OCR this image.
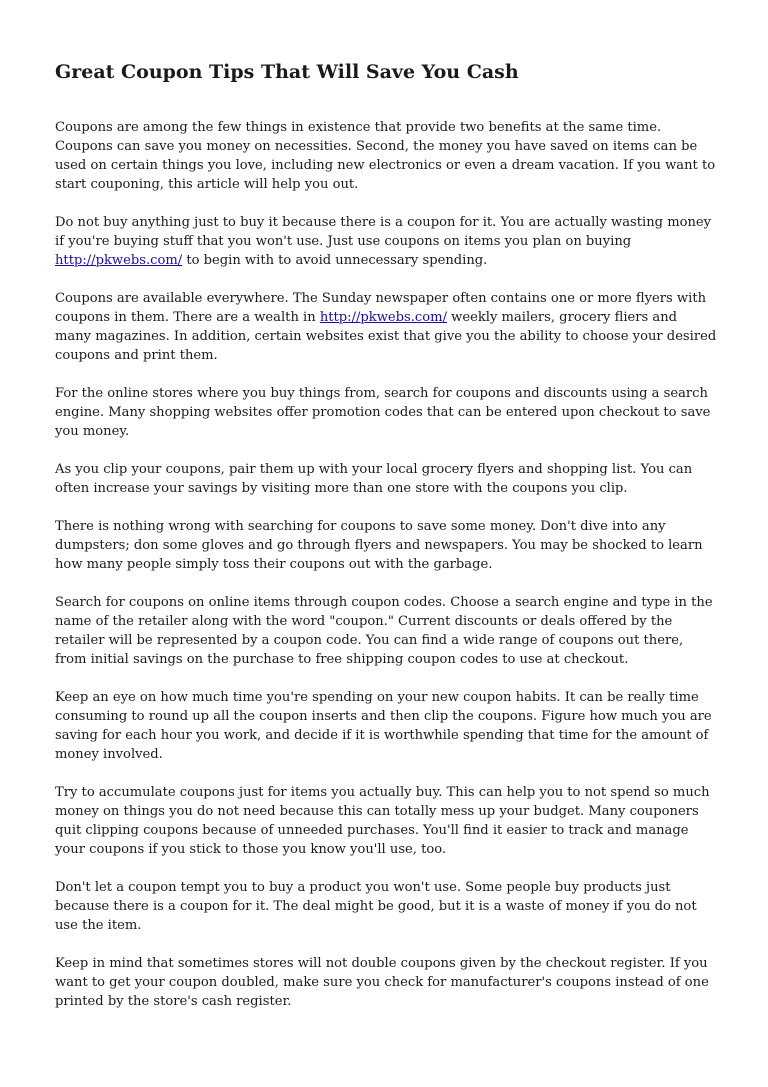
Great Coupon Tips That Will Save You Cash

Coupons are among the few things in existence that provide two benefits at the same time. Coupons can save you money on necessities. Second, the money you have saved on items can be used on certain things you love, including new electronics or even a dream vacation. If you want to start couponing, this article will help you out.

Do not buy anything just to buy it because there is a coupon for it. You are actually wasting money if you're buying stuff that you won't use. Just use coupons on items you plan on buying http://pkwebs.com/ to begin with to avoid unnecessary spending.

Coupons are available everywhere. The Sunday newspaper often contains one or more flyers with coupons in them. There are a wealth in http://pkwebs.com/ weekly mailers, grocery fliers and many magazines. In addition, certain websites exist that give you the ability to choose your desired coupons and print them.

For the online stores where you buy things from, search for coupons and discounts using a search engine. Many shopping websites offer promotion codes that can be entered upon checkout to save you money.

As you clip your coupons, pair them up with your local grocery flyers and shopping list. You can often increase your savings by visiting more than one store with the coupons you clip.

There is nothing wrong with searching for coupons to save some money. Don't dive into any dumpsters; don some gloves and go through flyers and newspapers. You may be shocked to learn how many people simply toss their coupons out with the garbage.

Search for coupons on online items through coupon codes. Choose a search engine and type in the name of the retailer along with the word "coupon." Current discounts or deals offered by the retailer will be represented by a coupon code. You can find a wide range of coupons out there, from initial savings on the purchase to free shipping coupon codes to use at checkout.

Keep an eye on how much time you're spending on your new coupon habits. It can be really time consuming to round up all the coupon inserts and then clip the coupons. Figure how much you are saving for each hour you work, and decide if it is worthwhile spending that time for the amount of money involved.

Try to accumulate coupons just for items you actually buy. This can help you to not spend so much money on things you do not need because this can totally mess up your budget. Many couponers quit clipping coupons because of unneeded purchases. You'll find it easier to track and manage your coupons if you stick to those you know you'll use, too.

Don't let a coupon tempt you to buy a product you won't use. Some people buy products just because there is a coupon for it. The deal might be good, but it is a waste of money if you do not use the item.

Keep in mind that sometimes stores will not double coupons given by the checkout register. If you want to get your coupon doubled, make sure you check for manufacturer's coupons instead of one printed by the store's cash register.
